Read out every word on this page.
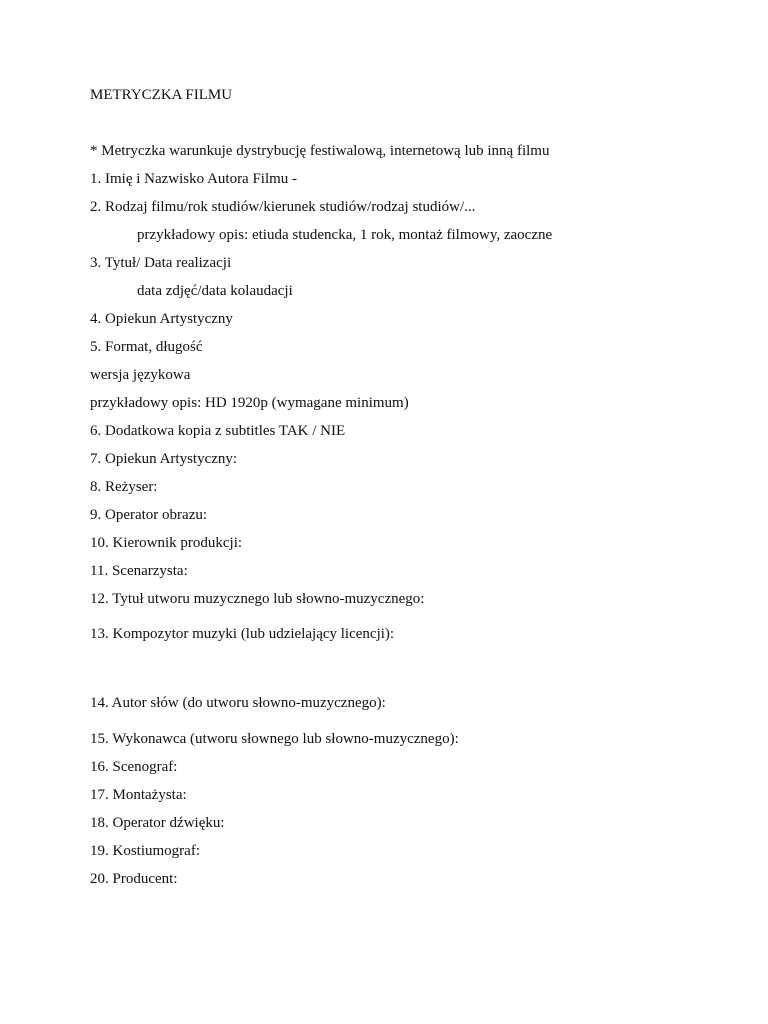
METRYCZKA FILMU
* Metryczka warunkuje dystrybucję festiwalową, internetową lub inną filmu
1. Imię i Nazwisko Autora Filmu -
2. Rodzaj filmu/rok studiów/kierunek studiów/rodzaj studiów/...
przykładowy opis: etiuda studencka, 1 rok, montaż filmowy, zaoczne
3. Tytuł/ Data realizacji
data zdjęć/data kolaudacji
4. Opiekun Artystyczny
5. Format, długość
wersja językowa
przykładowy opis: HD 1920p (wymagane minimum)
6. Dodatkowa kopia z subtitles TAK / NIE
7. Opiekun Artystyczny:
8. Reżyser:
9. Operator obrazu:
10. Kierownik produkcji:
11. Scenarzysta:
12. Tytuł utworu muzycznego lub słowno-muzycznego:
13. Kompozytor muzyki (lub udzielający licencji):
14. Autor słów (do utworu słowno-muzycznego):
15. Wykonawca (utworu słownego lub słowno-muzycznego):
16. Scenograf:
17. Montażysta:
18. Operator dźwięku:
19. Kostiumograf:
20. Producent:
